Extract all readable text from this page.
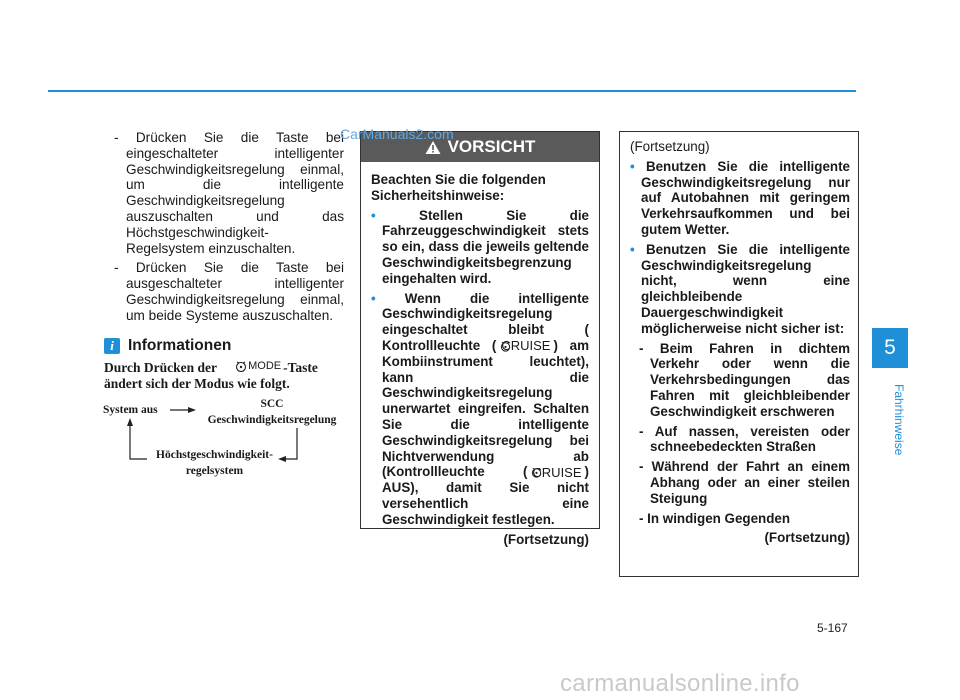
- Drücken Sie die Taste bei eingeschalteter intelligenter Geschwindigkeitsregelung einmal, um die intelligente Geschwindigkeitsregelung auszuschalten und das Höchstgeschwindigkeit-Regelsystem einzuschalten.

- Drücken Sie die Taste bei ausgeschalteter intelligenter Geschwindigkeitsregelung einmal, um beide Systeme auszuschalten.

i Informationen
Durch Drücken der	MODE -Taste ändert sich der Modus wie folgt.
System aus	SCC
Geschwindigkeitsregelung
Höchstgeschwindigkeit-
regelsystem
VORSICHT

Beachten Sie die folgenden Sicherheitshinweise:

•	Stellen Sie die Fahrzeuggeschwindigkeit stets so ein, dass die jeweils geltende Geschwindigkeitsbegrenzung eingehalten wird.

• Wenn die intelligente Geschwindigkeitsregelung eingeschaltet bleibt ( Kontrollleuchte ( CRUISE ) am Kombiinstrument leuchtet), kann die Geschwindigkeitsregelung unerwartet eingreifen. Schalten Sie die intelligente Geschwindigkeitsregelung bei Nichtverwendung ab (Kontrollleuchte ( CRUISE ) AUS), damit Sie nicht versehentlich eine Geschwindigkeit festlegen.

(Fortsetzung)

(Fortsetzung)

• Benutzen Sie die intelligente Geschwindigkeitsregelung nur auf Autobahnen mit geringem Verkehrsaufkommen und bei gutem Wetter.

• Benutzen Sie die intelligente Geschwindigkeitsregelung nicht, wenn eine gleichbleibende Dauergeschwindigkeit möglicherweise nicht sicher ist:

- Beim Fahren in dichtem Verkehr oder wenn die Verkehrsbedingungen das Fahren mit gleichbleibender Geschwindigkeit erschweren

- Auf nassen, vereisten oder schneebedeckten Straßen

- Während der Fahrt an einem Abhang oder an einer steilen Steigung

- In windigen Gegenden

(Fortsetzung)

5
Fahrhinweise
5-167
CarManuals2.com
carmanualsonline.info
